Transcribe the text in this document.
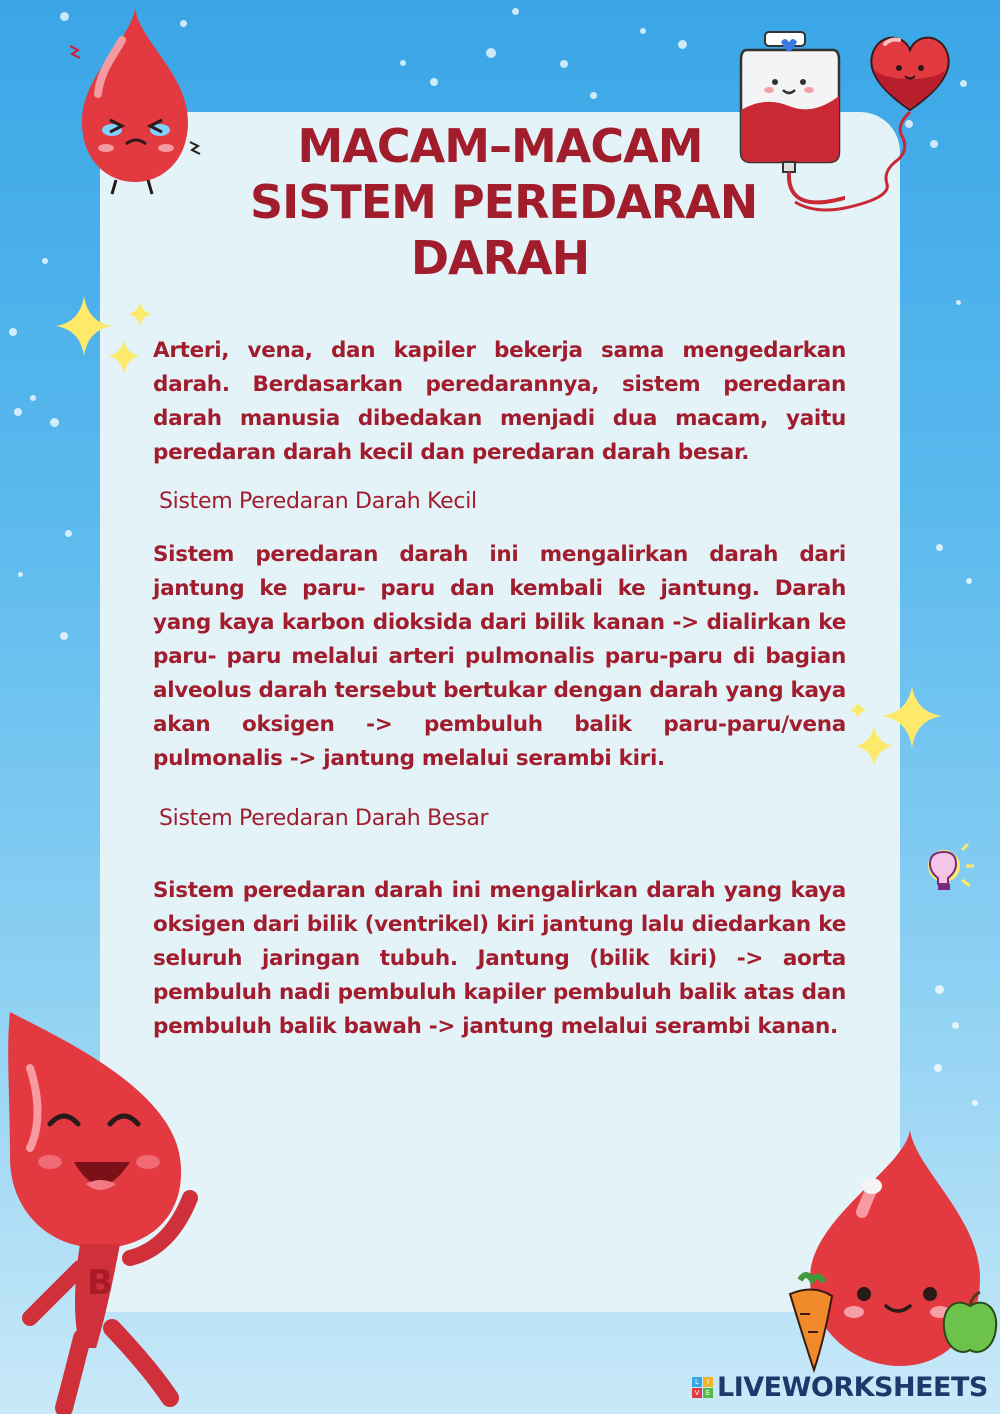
B
MACAM–MACAM
SISTEM PEREDARAN
DARAH

Arteri, vena, dan kapiler bekerja sama mengedarkan darah. Berdasarkan peredarannya, sistem peredaran darah manusia dibedakan menjadi dua macam, yaitu peredaran darah kecil dan peredaran darah besar.

Sistem Peredaran Darah Kecil

Sistem peredaran darah ini mengalirkan darah dari jantung ke paru- paru dan kembali ke jantung. Darah yang kaya karbon dioksida dari bilik kanan -> dialirkan ke paru- paru melalui arteri pulmonalis paru-paru di bagian alveolus darah tersebut bertukar dengan darah yang kaya akan oksigen -> pembuluh balik paru-paru/vena pulmonalis -> jantung melalui serambi kiri.

Sistem Peredaran Darah Besar

Sistem peredaran darah ini mengalirkan darah yang kaya oksigen dari bilik (ventrikel) kiri jantung lalu diedarkan ke seluruh jaringan tubuh. Jantung (bilik kiri) -> aorta pembuluh nadi pembuluh kapiler pembuluh balik atas dan pembuluh balik bawah -> jantung melalui serambi kanan.

L	I
V E LIVEWORKSHEETS
